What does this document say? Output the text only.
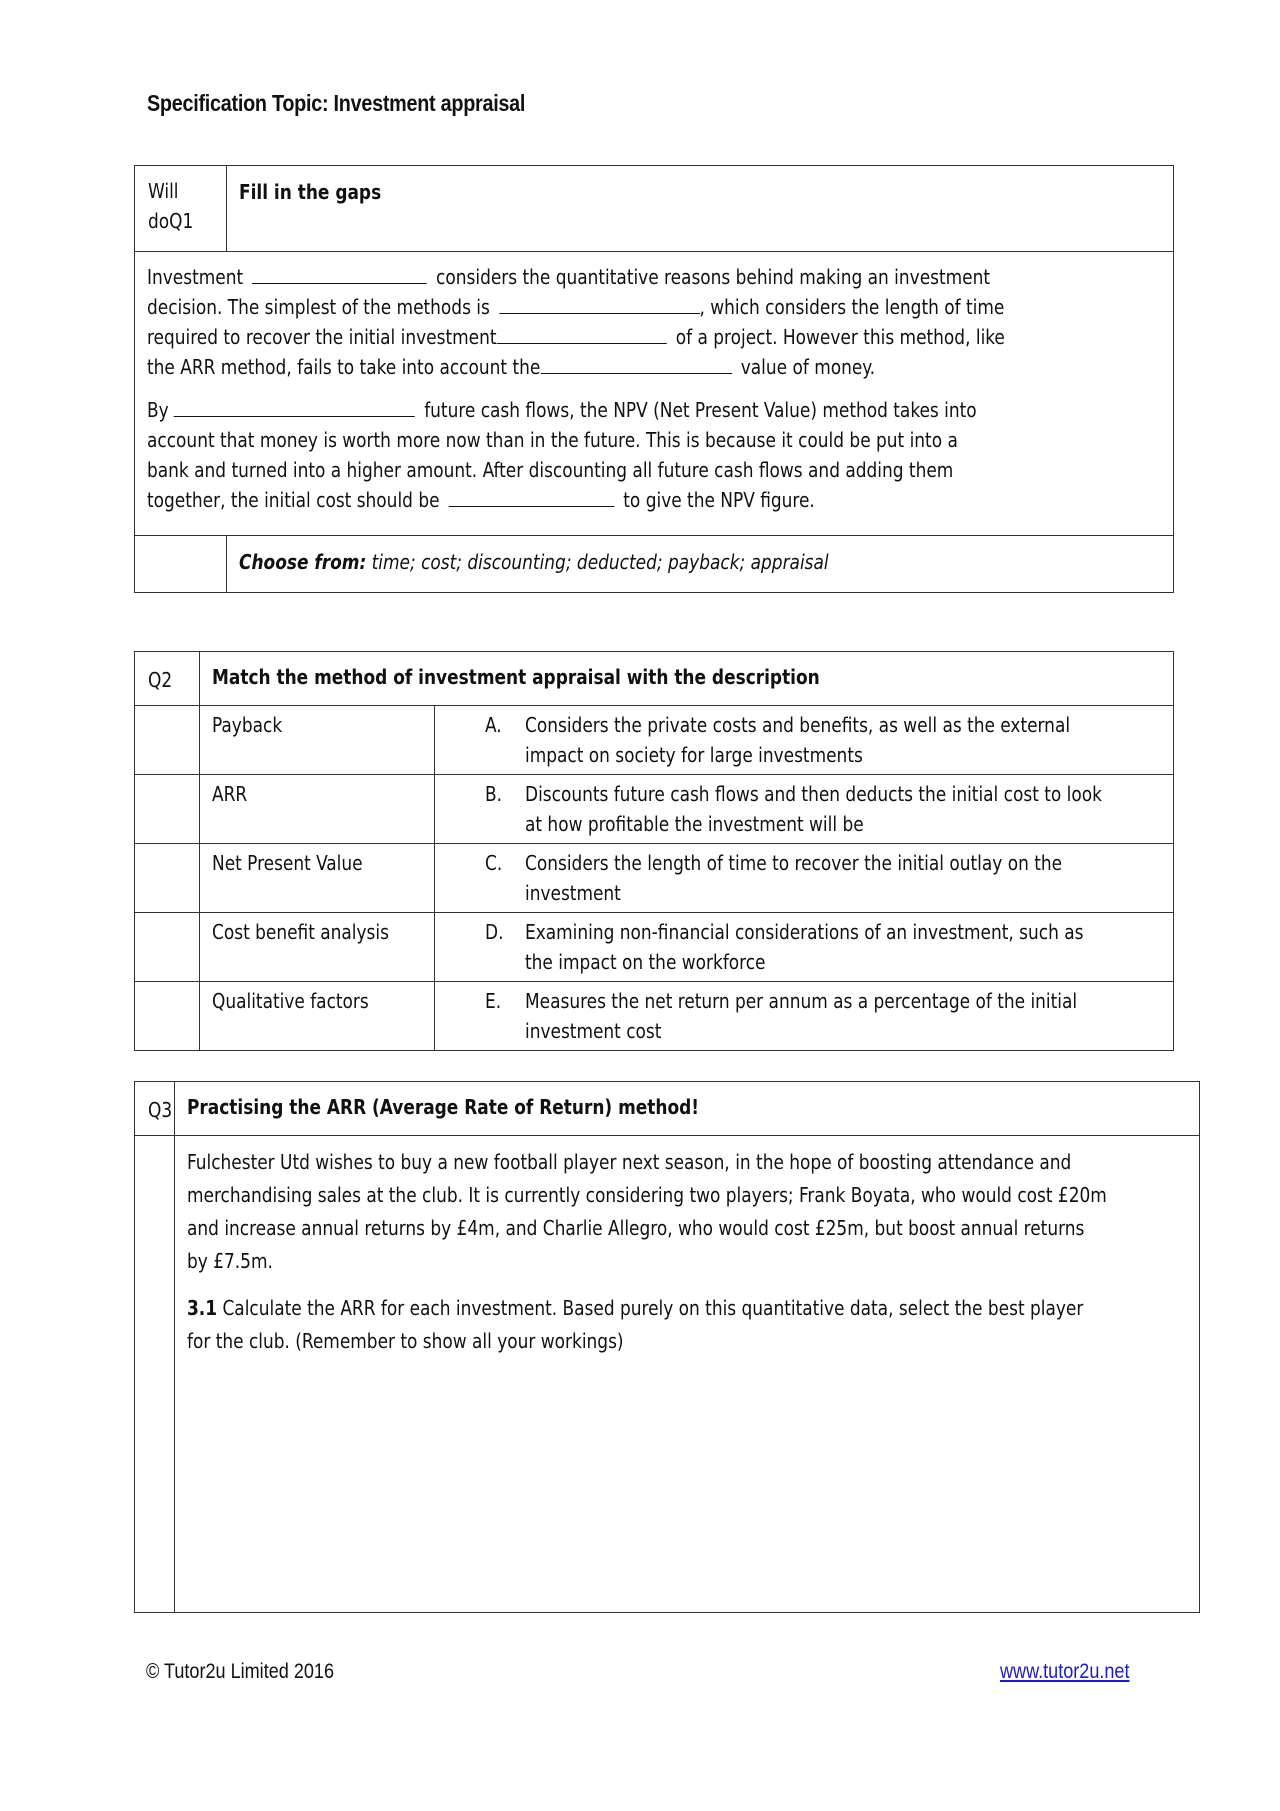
Specification Topic: Investment appraisal
Will doQ1	Fill in the gaps

Investment	considers the quantitative reasons behind making an investment
decision. The simplest of the methods is	, which considers the length of time
required to recover the initial investment	of a project. However this method, like
the ARR method, fails to take into account the	value of money.
By	future cash flows, the NPV (Net Present Value) method takes into
account that money is worth more now than in the future. This is because it could be put into a
bank and turned into a higher amount. After discounting all future cash flows and adding them
together, the initial cost should be	to give the NPV figure.

	Choose from: time; cost; discounting; deducted; payback; appraisal
Q2	Match the method of investment appraisal with the description	
	Payback	A. Considers the private costs and benefits, as well as the external impact on society for large investments

	ARR	B. Discounts future cash flows and then deducts the initial cost to look at how profitable the investment will be

	Net Present Value	C. Considers the length of time to recover the initial outlay on the investment

	Cost benefit analysis	D. Examining non-financial considerations of an investment, such as the impact on the workforce

	Qualitative factors	E. Measures the net return per annum as a percentage of the initial investment cost
Q3	Practising the ARR (Average Rate of Return) method!

	Fulchester Utd wishes to buy a new football player next season, in the hope of boosting attendance and merchandising sales at the club. It is currently considering two players; Frank Boyata, who would cost £20m and increase annual returns by £4m, and Charlie Allegro, who would cost £25m, but boost annual returns by £7.5m.

3.1 Calculate the ARR for each investment. Based purely on this quantitative data, select the best player for the club. (Remember to show all your workings)

© Tutor2u Limited 2016	www.tutor2u.net
